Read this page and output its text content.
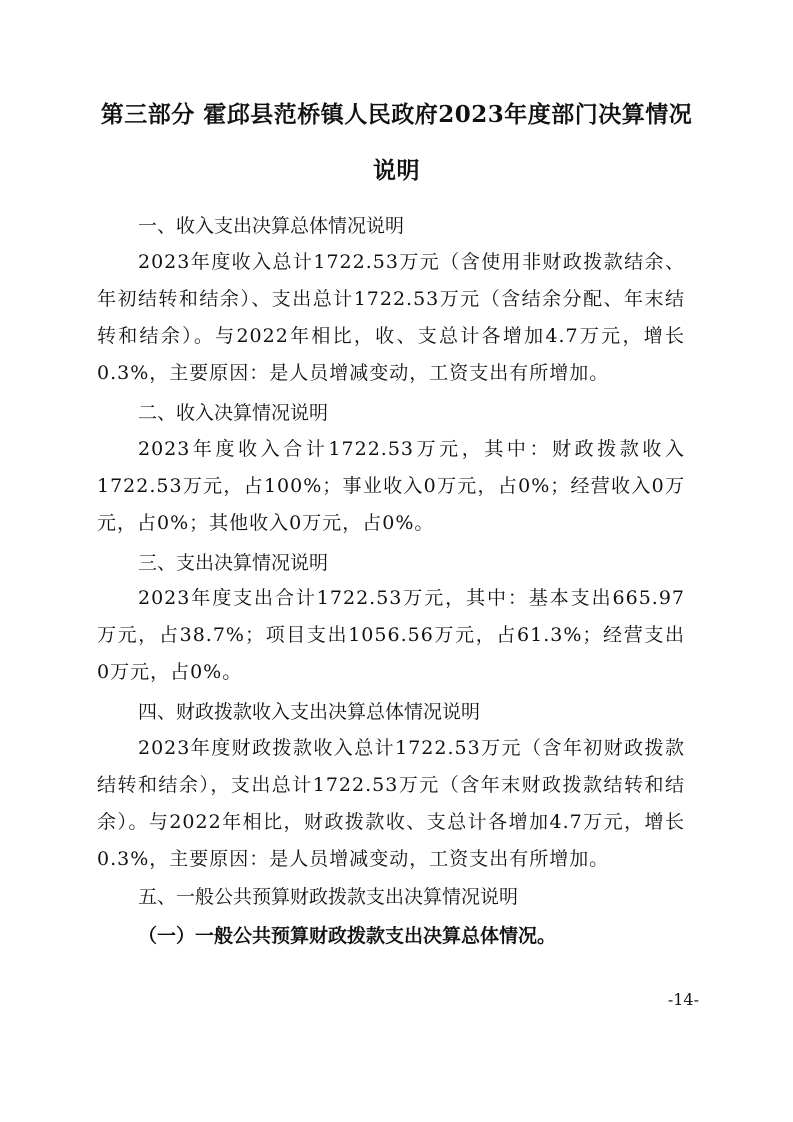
第三部分 霍邱县范桥镇人民政府2023年度部门决算情况
说明
一、收入支出决算总体情况说明
2023年度收入总计1722.53万元（含使用非财政拨款结余、年初结转和结余）、支出总计1722.53万元（含结余分配、年末结转和结余）。与2022年相比，收、支总计各增加4.7万元，增长0.3%，主要原因：是人员增减变动，工资支出有所增加。
二、收入决算情况说明
2023年度收入合计1722.53万元，其中：财政拨款收入1722.53万元，占100%；事业收入0万元，占0%；经营收入0万元，占0%；其他收入0万元，占0%。
三、支出决算情况说明
2023年度支出合计1722.53万元，其中：基本支出665.97万元，占38.7%；项目支出1056.56万元，占61.3%；经营支出0万元，占0%。
四、财政拨款收入支出决算总体情况说明
2023年度财政拨款收入总计1722.53万元（含年初财政拨款结转和结余），支出总计1722.53万元（含年末财政拨款结转和结余）。与2022年相比，财政拨款收、支总计各增加4.7万元，增长0.3%，主要原因：是人员增减变动，工资支出有所增加。
五、一般公共预算财政拨款支出决算情况说明
（一）一般公共预算财政拨款支出决算总体情况。
-14-
